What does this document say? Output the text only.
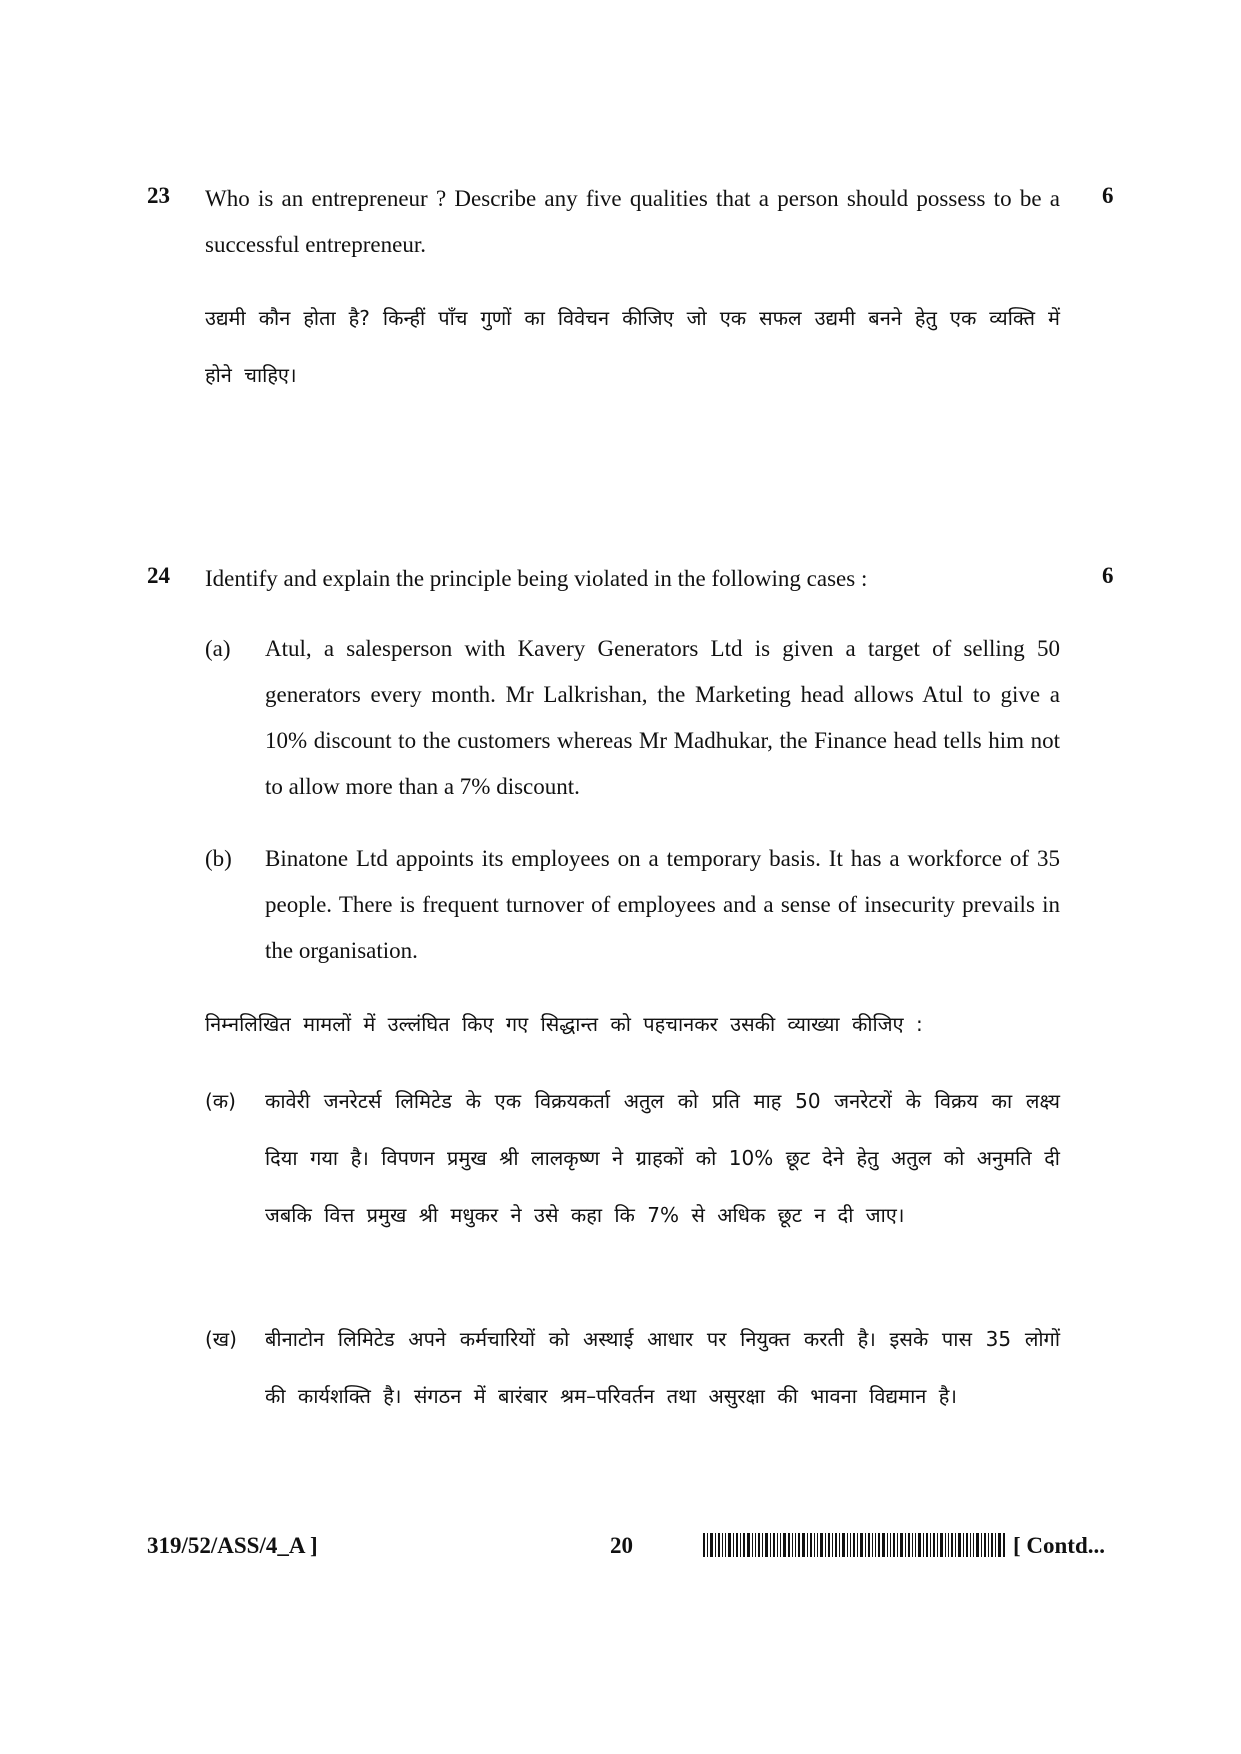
23	6

Who is an entrepreneur ? Describe any five qualities that a person should possess to be a successful entrepreneur.

उद्यमी कौन होता है? किन्हीं पाँच गुणों का विवेचन कीजिए जो एक सफल उद्यमी बनने हेतु एक व्यक्ति में होने चाहिए।

24	6

Identify and explain the principle being violated in the following cases :

(a) Atul, a salesperson with Kavery Generators Ltd is given a target of selling 50 generators every month. Mr Lalkrishan, the Marketing head allows Atul to give a 10% discount to the customers whereas Mr Madhukar, the Finance head tells him not to allow more than a 7% discount.

(b) Binatone Ltd appoints its employees on a temporary basis. It has a workforce of 35 people. There is frequent turnover of employees and a sense of insecurity prevails in the organisation.

निम्नलिखित मामलों में उल्लंघित किए गए सिद्धान्त को पहचानकर उसकी व्याख्या कीजिए :

(क) कावेरी जनरेटर्स लिमिटेड के एक विक्रयकर्ता अतुल को प्रति माह 50 जनरेटरों के विक्रय का लक्ष्य दिया गया है। विपणन प्रमुख श्री लालकृष्ण ने ग्राहकों को 10% छूट देने हेतु अतुल को अनुमति दी जबकि वित्त प्रमुख श्री मधुकर ने उसे कहा कि 7% से अधिक छूट न दी जाए।

(ख) बीनाटोन लिमिटेड अपने कर्मचारियों को अस्थाई आधार पर नियुक्त करती है। इसके पास 35 लोगों की कार्यशक्ति है। संगठन में बारंबार श्रम–परिवर्तन तथा असुरक्षा की भावना विद्यमान है।

319/52/ASS/4_A ]	20	[ Contd...
